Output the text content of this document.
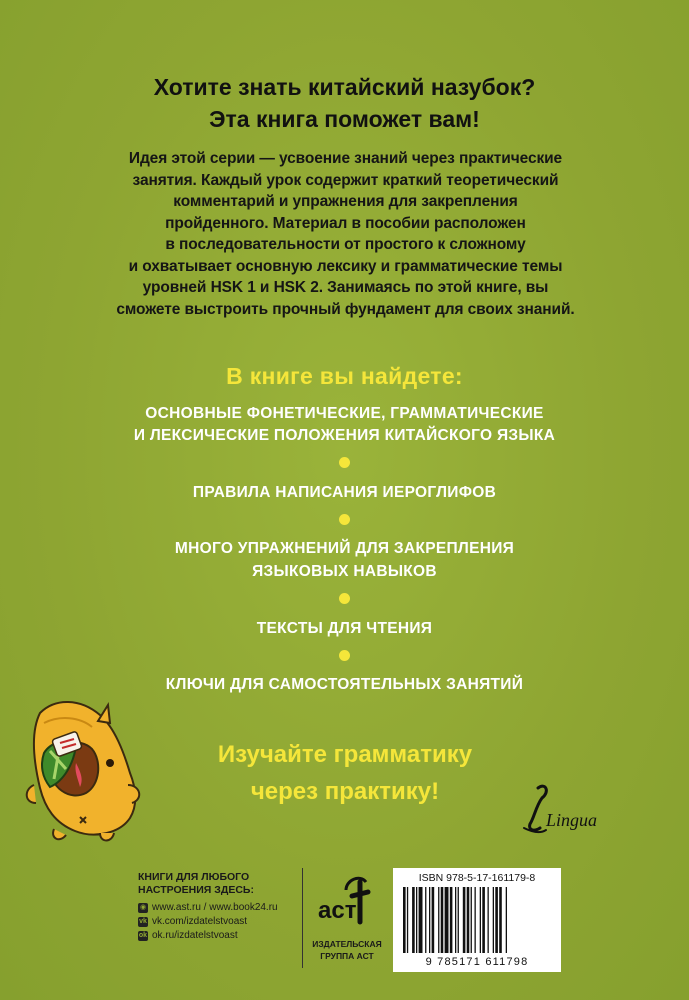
Хотите знать китайский назубок?
Эта книга поможет вам!
Идея этой серии — усвоение знаний через практические
занятия. Каждый урок содержит краткий теоретический
комментарий и упражнения для закрепления
пройденного. Материал в пособии расположен
в последовательности от простого к сложному
и охватывает основную лексику и грамматические темы
уровней HSK 1 и HSK 2. Занимаясь по этой книге, вы
сможете выстроить прочный фундамент для своих знаний.
В книге вы найдете:
ОСНОВНЫЕ ФОНЕТИЧЕСКИЕ, ГРАММАТИЧЕСКИЕ
И ЛЕКСИЧЕСКИЕ ПОЛОЖЕНИЯ КИТАЙСКОГО ЯЗЫКА
ПРАВИЛА НАПИСАНИЯ ИЕРОГЛИФОВ
МНОГО УПРАЖНЕНИЙ ДЛЯ ЗАКРЕПЛЕНИЯ
ЯЗЫКОВЫХ НАВЫКОВ
ТЕКСТЫ ДЛЯ ЧТЕНИЯ
КЛЮЧИ ДЛЯ САМОСТОЯТЕЛЬНЫХ ЗАНЯТИЙ
Изучайте грамматику
через практику!
Lingua
КНИГИ ДЛЯ ЛЮБОГО
НАСТРОЕНИЯ ЗДЕСЬ:
◉ www.ast.ru / www.book24.ru
vk vk.com/izdatelstvoast
ok ok.ru/izdatelstvoast
аст
ИЗДАТЕЛЬСКАЯ
ГРУППА АСТ
ISBN 978-5-17-161179-8
9 785171 611798
